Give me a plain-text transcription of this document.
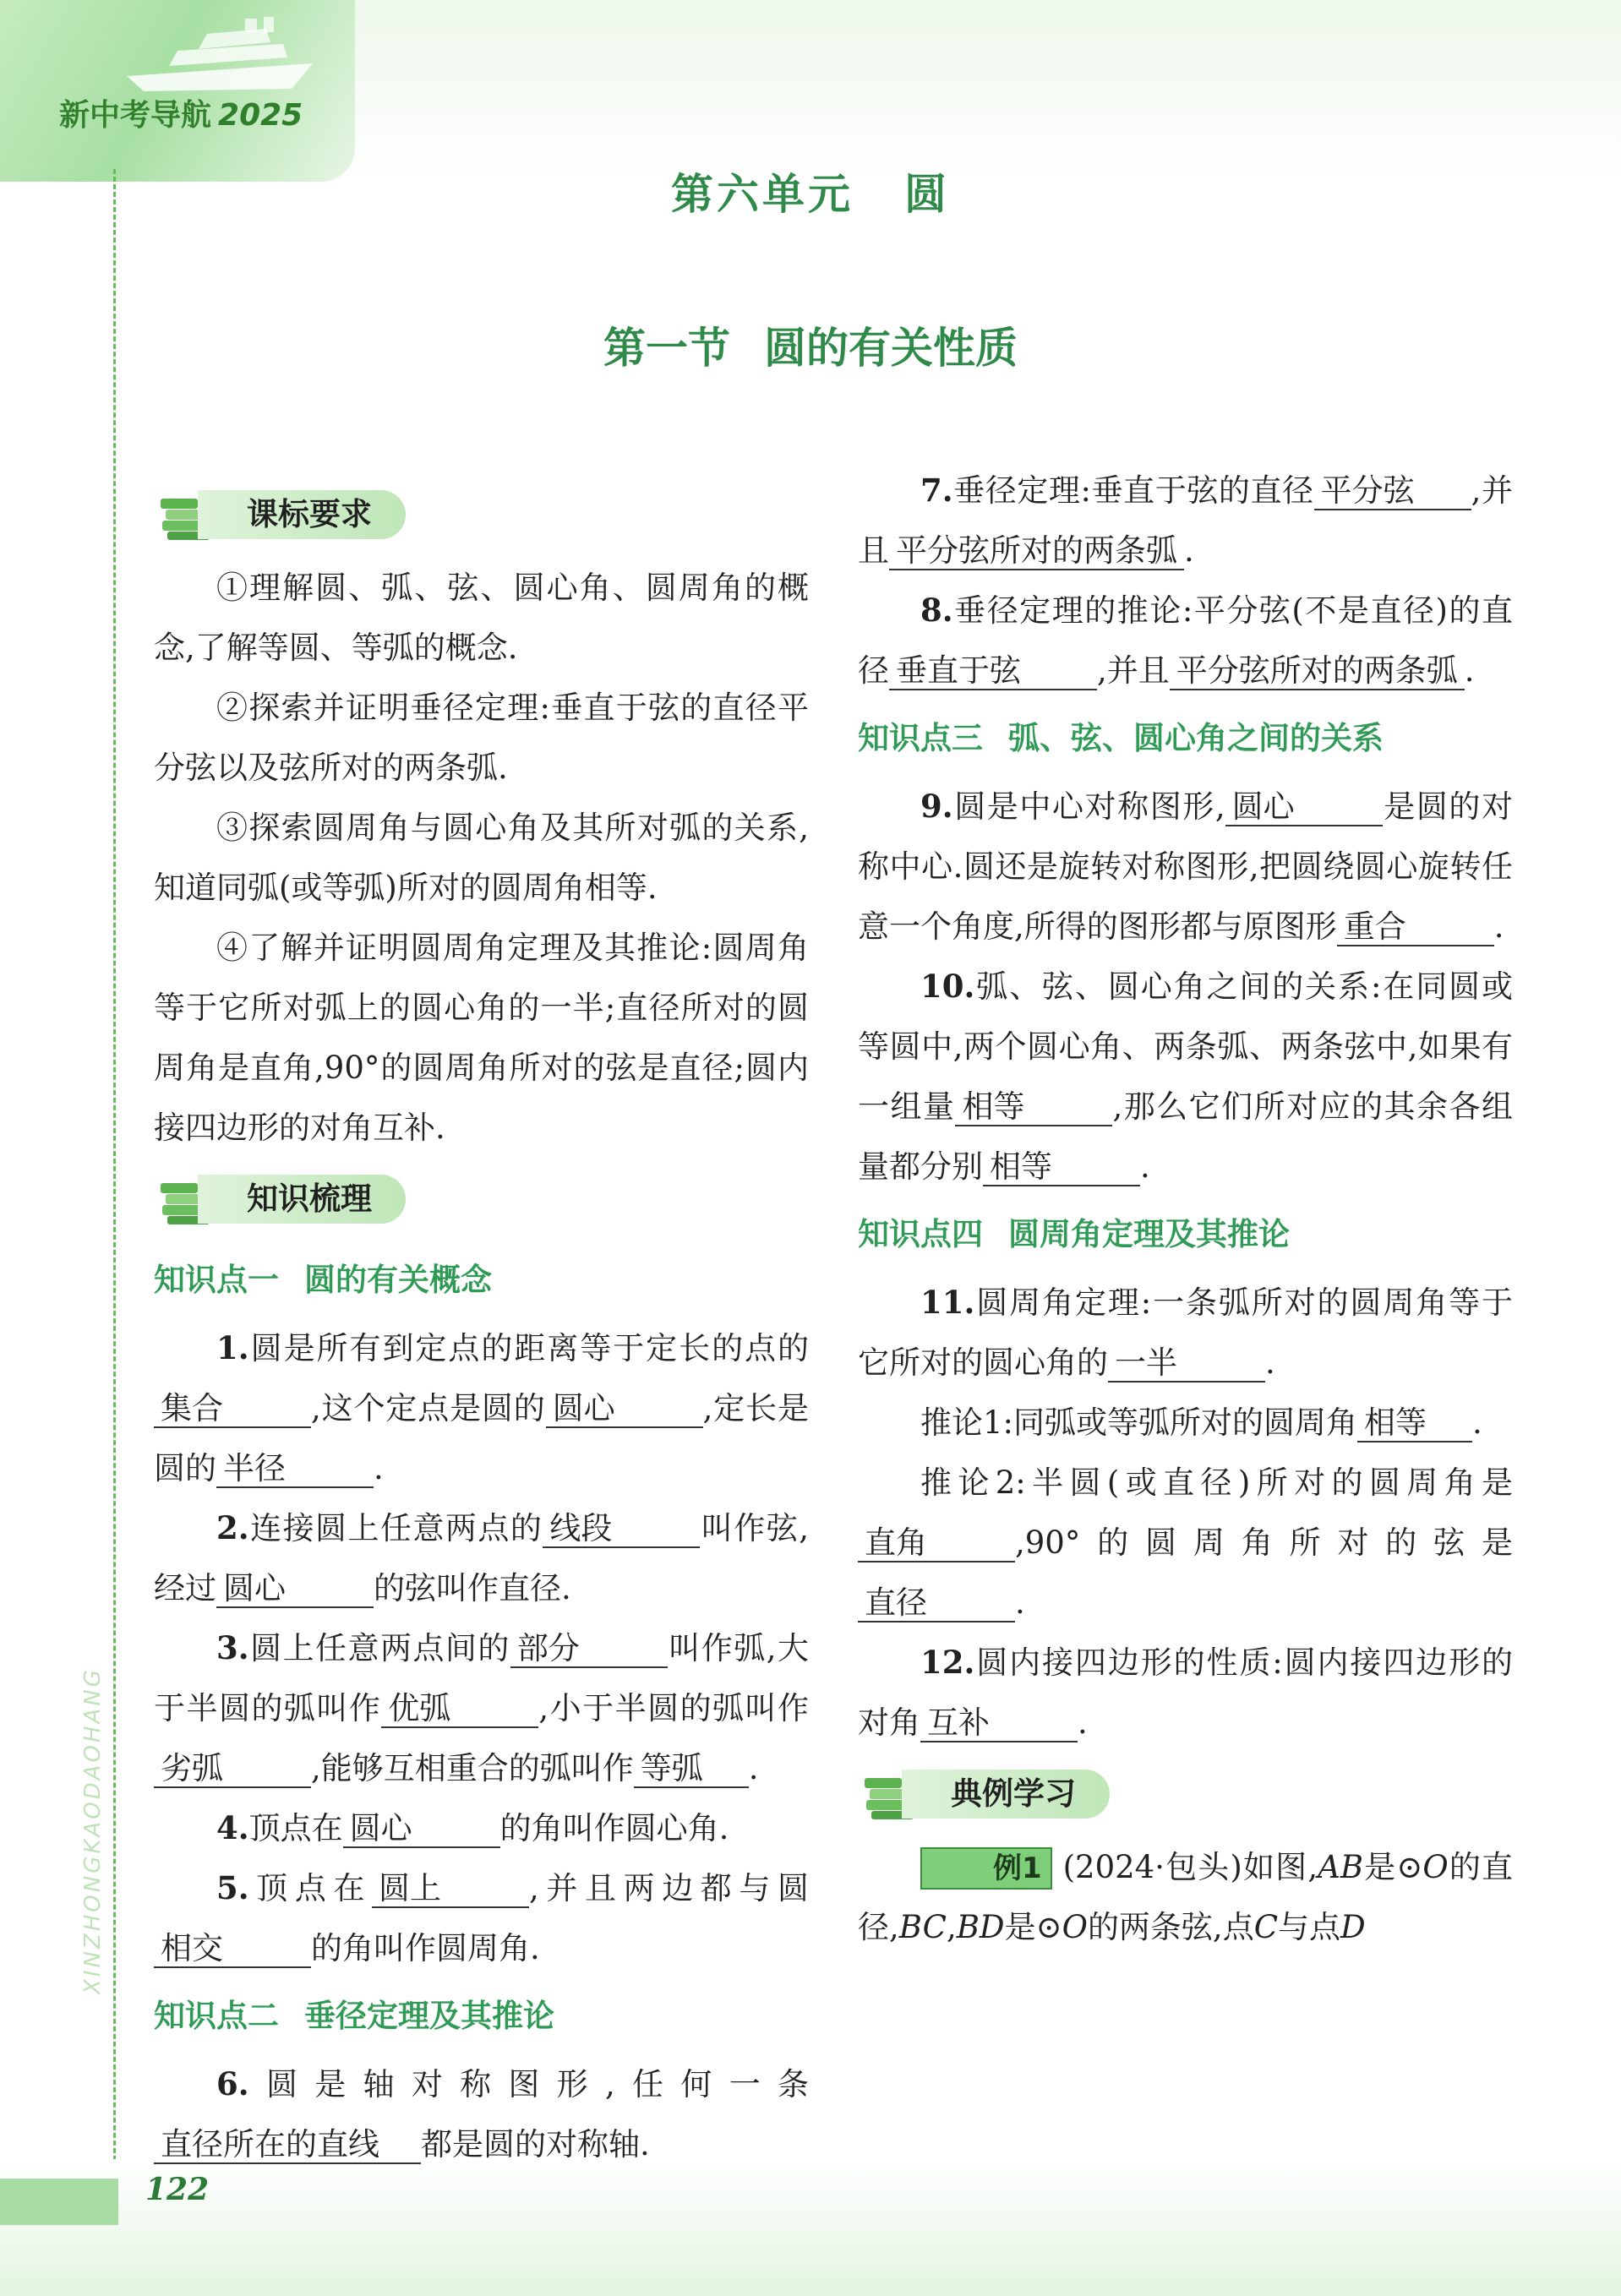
新中考导航 2025
XINZHONGKAODAOHANG
122
第六单元 圆
第一节 圆的有关性质
课标要求

①理解圆、弧、弦、圆心角、圆周角的概念,了解等圆、等弧的概念.

②探索并证明垂径定理:垂直于弦的直径平分弦以及弦所对的两条弧.

③探索圆周角与圆心角及其所对弧的关系,知道同弧(或等弧)所对的圆周角相等.

④了解并证明圆周角定理及其推论:圆周角等于它所对弧上的圆心角的一半;直径所对的圆周角是直角,90°的圆周角所对的弦是直径;圆内接四边形的对角互补.

知识梳理
知识点一 圆的有关概念

1.圆是所有到定点的距离等于定长的点的集合	,这个定点是圆的 圆心	,定长是圆的 半径	.

2.连接圆上任意两点的 线段	叫作弦,经过 圆心	的弦叫作直径.

3.圆上任意两点间的 部分	叫作弧,大于半圆的弧叫作 优弧	,小于半圆的弧叫作劣弧	,能够互相重合的弧叫作 等弧 .

4.顶点在 圆心	的角叫作圆心角.

5.顶点在 圆上	,并且两边都与圆相交	的角叫作圆周角.

知识点二 垂径定理及其推论

6.圆是轴对称图形,任何一条直径所在的直线 都是圆的对称轴.

7.垂径定理:垂直于弦的直径 平分弦 ,并且 平分弦所对的两条弧 .

8.垂径定理的推论:平分弦(不是直径)的直径 垂直于弦 ,并且 平分弦所对的两条弧 .

知识点三 弧、弦、圆心角之间的关系

9.圆是中心对称图形, 圆心	是圆的对称中心.圆还是旋转对称图形,把圆绕圆心旋转任意一个角度,所得的图形都与原图形 重合	.

10.弧、弦、圆心角之间的关系:在同圆或等圆中,两个圆心角、两条弧、两条弦中,如果有一组量 相等	,那么它们所对应的其余各组量都分别 相等	.

知识点四 圆周角定理及其推论

11.圆周角定理:一条弧所对的圆周角等于它所对的圆心角的 一半	.

推论1:同弧或等弧所对的圆周角 相等 .

推论2:半圆(或直径)所对的圆周角是直角	,90°的圆周角所对的弦是直径	.

12.圆内接四边形的性质:圆内接四边形的对角 互补	.

典例学习

例1 (2024·包头)如图,AB是⊙O的直径,BC,BD是⊙O的两条弦,点C与点D
